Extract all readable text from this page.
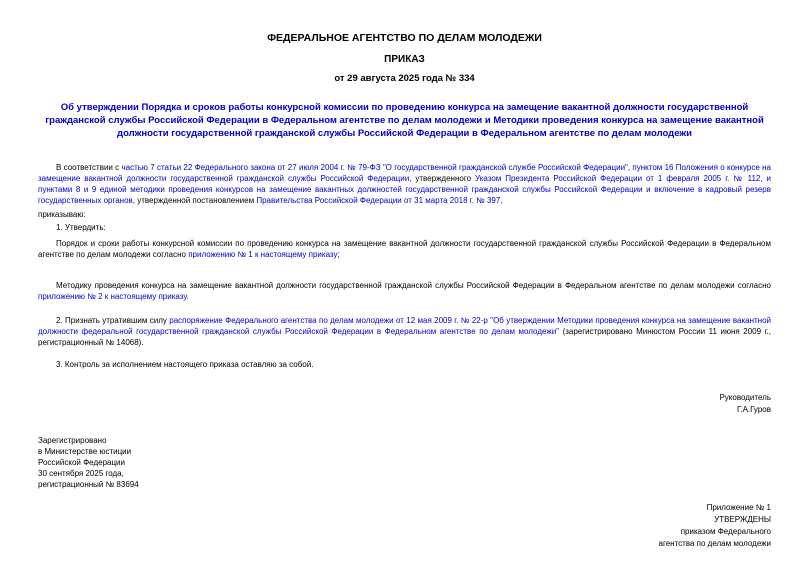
ФЕДЕРАЛЬНОЕ АГЕНТСТВО ПО ДЕЛАМ МОЛОДЕЖИ
ПРИКАЗ
от 29 августа 2025 года № 334
Об утверждении Порядка и сроков работы конкурсной комиссии по проведению конкурса на замещение вакантной должности государственной гражданской службы Российской Федерации в Федеральном агентстве по делам молодежи и Методики проведения конкурса на замещение вакантной должности государственной гражданской службы Российской Федерации в Федеральном агентстве по делам молодежи

В соответствии с частью 7 статьи 22 Федерального закона от 27 июля 2004 г. № 79-ФЗ "О государственной гражданской службе Российской Федерации", пунктом 16 Положения о конкурсе на замещение вакантной должности государственной гражданской службы Российской Федерации, утвержденного Указом Президента Российской Федерации от 1 февраля 2005 г. № 112, и пунктами 8 и 9 единой методики проведения конкурсов на замещение вакантных должностей государственной гражданской службы Российской Федерации и включение в кадровый резерв государственных органов, утвержденной постановлением Правительства Российской Федерации от 31 марта 2018 г. № 397,

приказываю:

1. Утвердить:

Порядок и сроки работы конкурсной комиссии по проведению конкурса на замещение вакантной должности государственной гражданской службы Российской Федерации в Федеральном агентстве по делам молодежи согласно приложению № 1 к настоящему приказу;

Методику проведения конкурса на замещение вакантной должности государственной гражданской службы Российской Федерации в Федеральном агентстве по делам молодежи согласно приложению № 2 к настоящему приказу.

2. Признать утратившим силу распоряжение Федерального агентства по делам молодежи от 12 мая 2009 г. № 22-р "Об утверждении Методики проведения конкурса на замещение вакантной должности федеральной государственной гражданской службы Российской Федерации в Федеральном агентстве по делам молодежи" (зарегистрировано Минюстом России 11 июня 2009 г., регистрационный № 14068).

3. Контроль за исполнением настоящего приказа оставляю за собой.

Руководитель
Г.А.Гуров
Зарегистрировано
в Министерстве юстиции
Российской Федерации
30 сентября 2025 года,
регистрационный № 83694
Приложение № 1
УТВЕРЖДЕНЫ
приказом Федерального
агентства по делам молодежи
